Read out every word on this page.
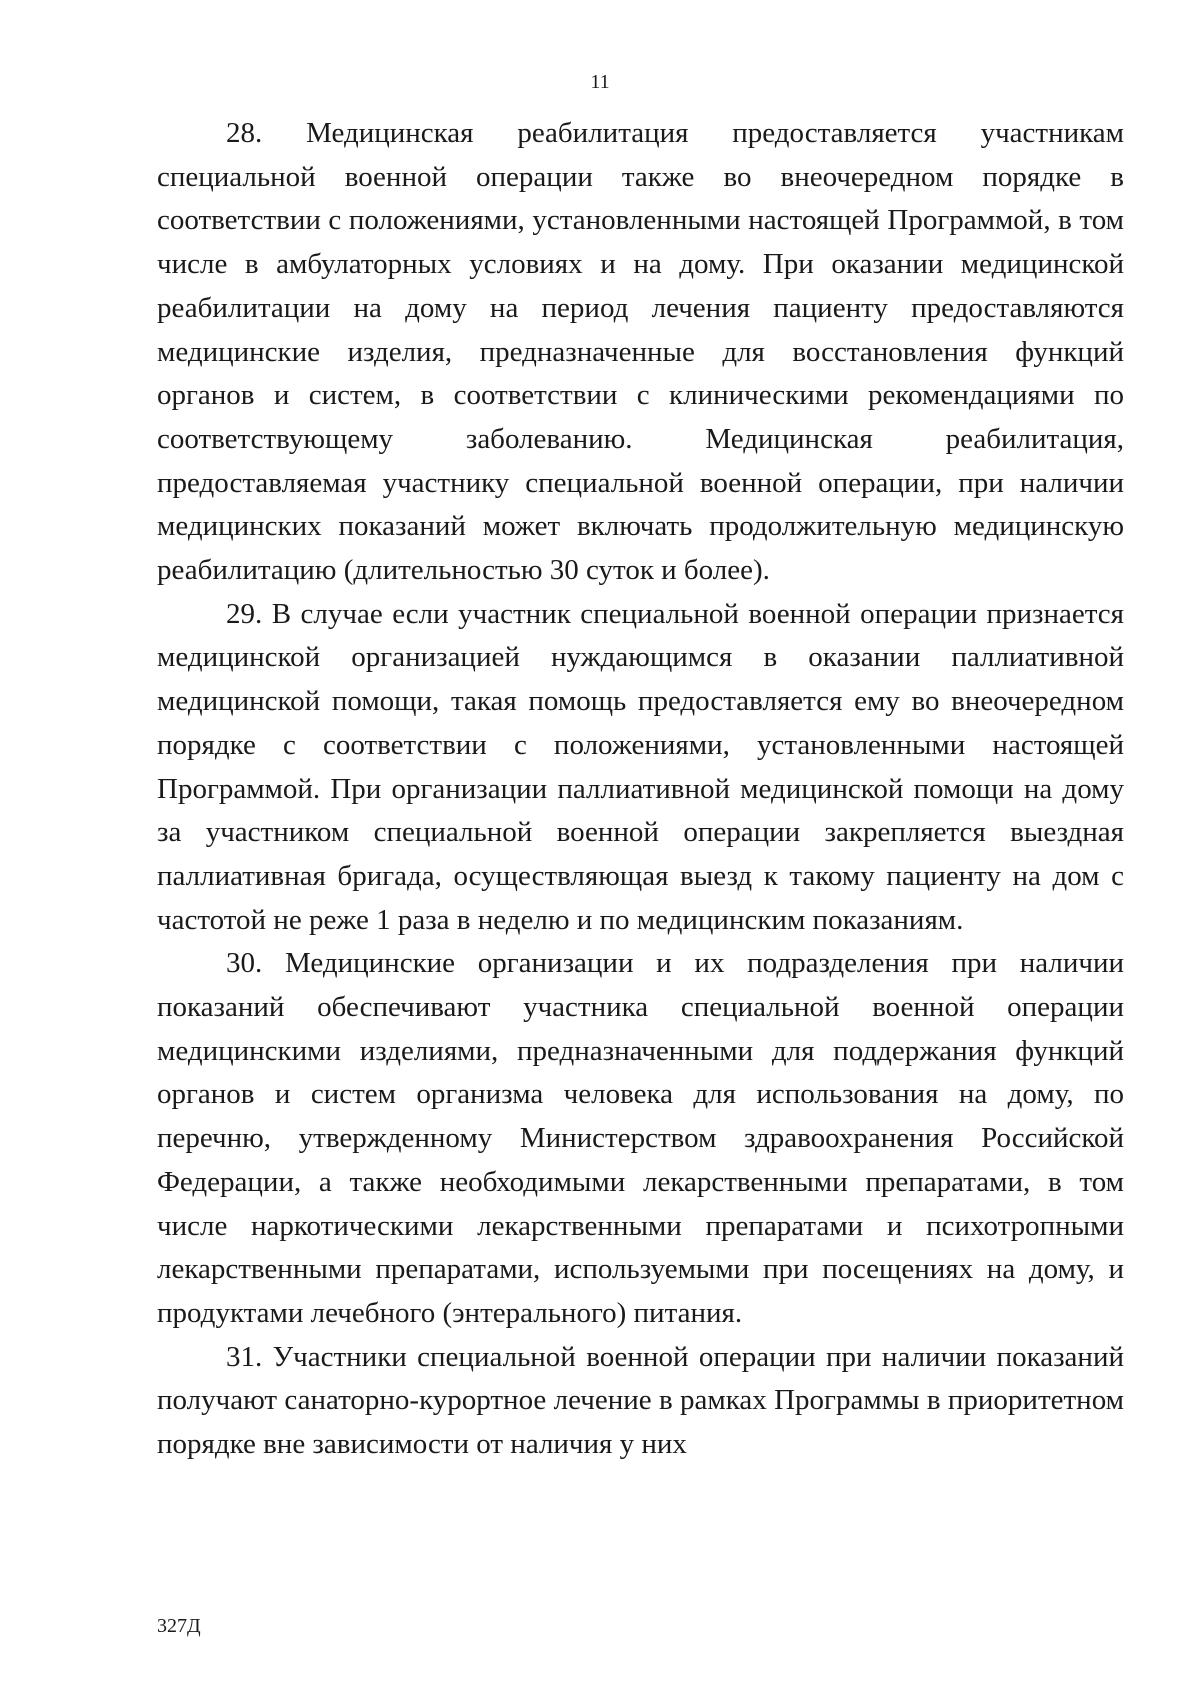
11

28. Медицинская реабилитация предоставляется участникам специальной военной операции также во внеочередном порядке в соответствии с положениями, установленными настоящей Программой, в том числе в амбулаторных условиях и на дому. При оказании медицинской реабилитации на дому на период лечения пациенту предоставляются медицинские изделия, предназначенные для восстановления функций органов и систем, в соответствии с клиническими рекомендациями по соответствующему заболеванию. Медицинская реабилитация, предоставляемая участнику специальной военной операции, при наличии медицинских показаний может включать продолжительную медицинскую реабилитацию (длительностью 30 суток и более).

29. В случае если участник специальной военной операции признается медицинской организацией нуждающимся в оказании паллиативной медицинской помощи, такая помощь предоставляется ему во внеочередном порядке с соответствии с положениями, установленными настоящей Программой. При организации паллиативной медицинской помощи на дому за участником специальной военной операции закрепляется выездная паллиативная бригада, осуществляющая выезд к такому пациенту на дом с частотой не реже 1 раза в неделю и по медицинским показаниям.

30. Медицинские организации и их подразделения при наличии показаний обеспечивают участника специальной военной операции медицинскими изделиями, предназначенными для поддержания функций органов и систем организма человека для использования на дому, по перечню, утвержденному Министерством здравоохранения Российской Федерации, а также необходимыми лекарственными препаратами, в том числе наркотическими лекарственными препаратами и психотропными лекарственными препаратами, используемыми при посещениях на дому, и продуктами лечебного (энтерального) питания.

31. Участники специальной военной операции при наличии показаний получают санаторно-курортное лечение в рамках Программы в приоритетном порядке вне зависимости от наличия у них

327Д
